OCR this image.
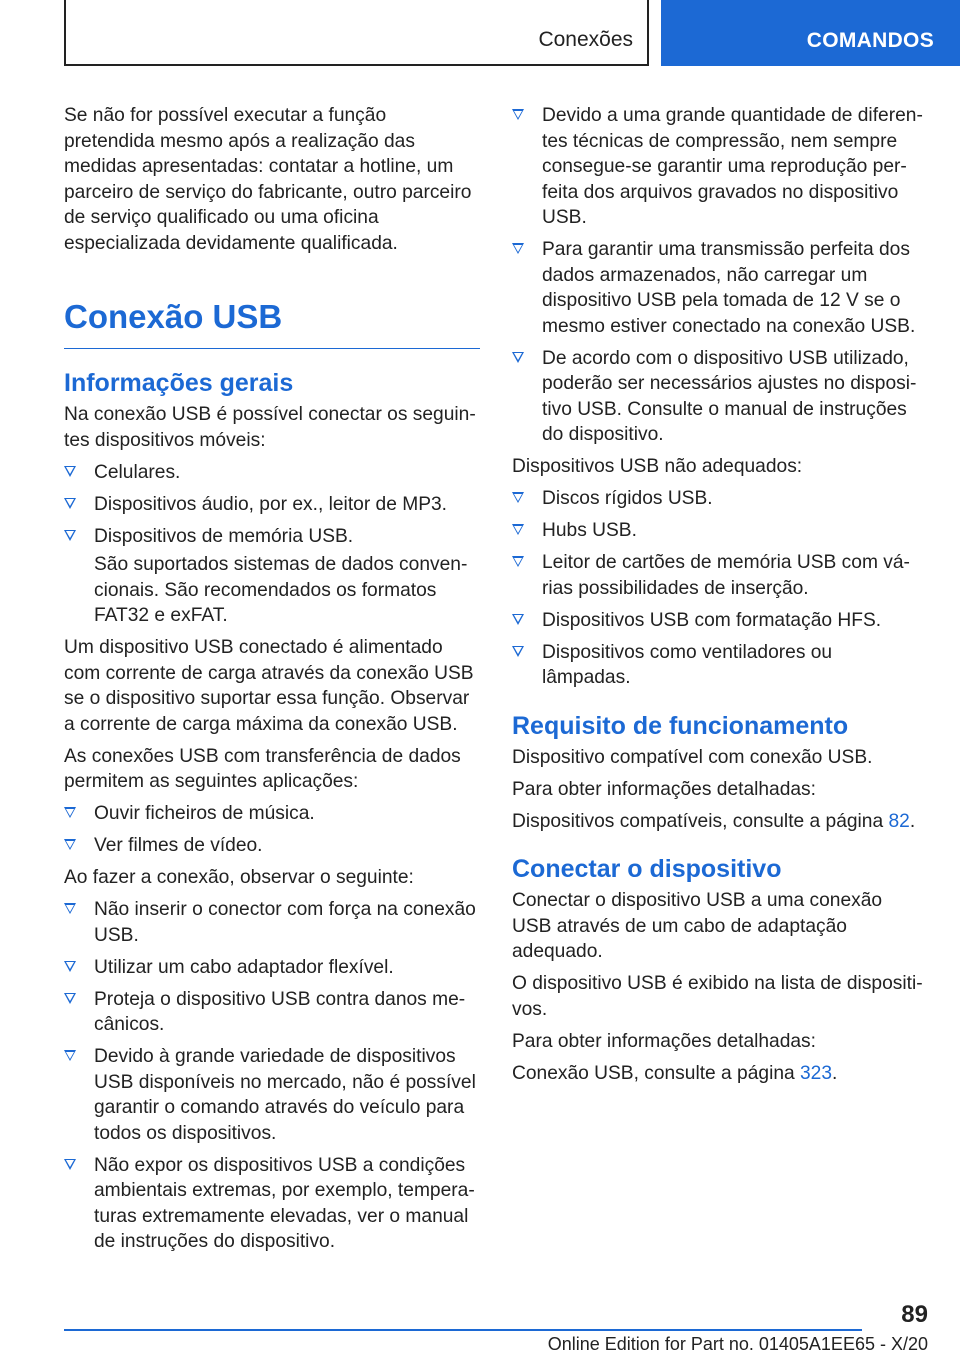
Conexões	COMANDOS

Se não for possível executar a função pretendida mesmo após a realização das medidas apresentadas: contatar a hotline, um parceiro de serviço do fabricante, outro parceiro de serviço qualificado ou uma oficina especializada devidamente qualificada.

Conexão USB
Informações gerais

Na conexão USB é possível conectar os seguintes dispositivos móveis:

Celulares.
Dispositivos áudio, por ex., leitor de MP3.
Dispositivos de memória USB.

São suportados sistemas de dados convencionais. São recomendados os formatos FAT32 e exFAT.

Um dispositivo USB conectado é alimentado com corrente de carga através da conexão USB se o dispositivo suportar essa função. Observar a corrente de carga máxima da conexão USB.

As conexões USB com transferência de dados permitem as seguintes aplicações:

Ouvir ficheiros de música.
Ver filmes de vídeo.

Ao fazer a conexão, observar o seguinte:

Não inserir o conector com força na conexão USB.
Utilizar um cabo adaptador flexível.
Proteja o dispositivo USB contra danos mecânicos.
Devido à grande variedade de dispositivos USB disponíveis no mercado, não é possível garantir o comando através do veículo para todos os dispositivos.
Não expor os dispositivos USB a condições ambientais extremas, por exemplo, temperaturas extremamente elevadas, ver o manual de instruções do dispositivo.
Devido a uma grande quantidade de diferentes técnicas de compressão, nem sempre consegue-se garantir uma reprodução perfeita dos arquivos gravados no dispositivo USB.
Para garantir uma transmissão perfeita dos dados armazenados, não carregar um dispositivo USB pela tomada de 12 V se o mesmo estiver conectado na conexão USB.
De acordo com o dispositivo USB utilizado, poderão ser necessários ajustes no dispositivo USB. Consulte o manual de instruções do dispositivo.

Dispositivos USB não adequados:

Discos rígidos USB.
Hubs USB.
Leitor de cartões de memória USB com várias possibilidades de inserção.
Dispositivos USB com formatação HFS.
Dispositivos como ventiladores ou lâmpadas.
Requisito de funcionamento

Dispositivo compatível com conexão USB.

Para obter informações detalhadas:

Dispositivos compatíveis, consulte a página 82.

Conectar o dispositivo

Conectar o dispositivo USB a uma conexão USB através de um cabo de adaptação adequado.

O dispositivo USB é exibido na lista de dispositivos.

Para obter informações detalhadas:

Conexão USB, consulte a página 323.

89
Online Edition for Part no. 01405A1EE65 - X/20
